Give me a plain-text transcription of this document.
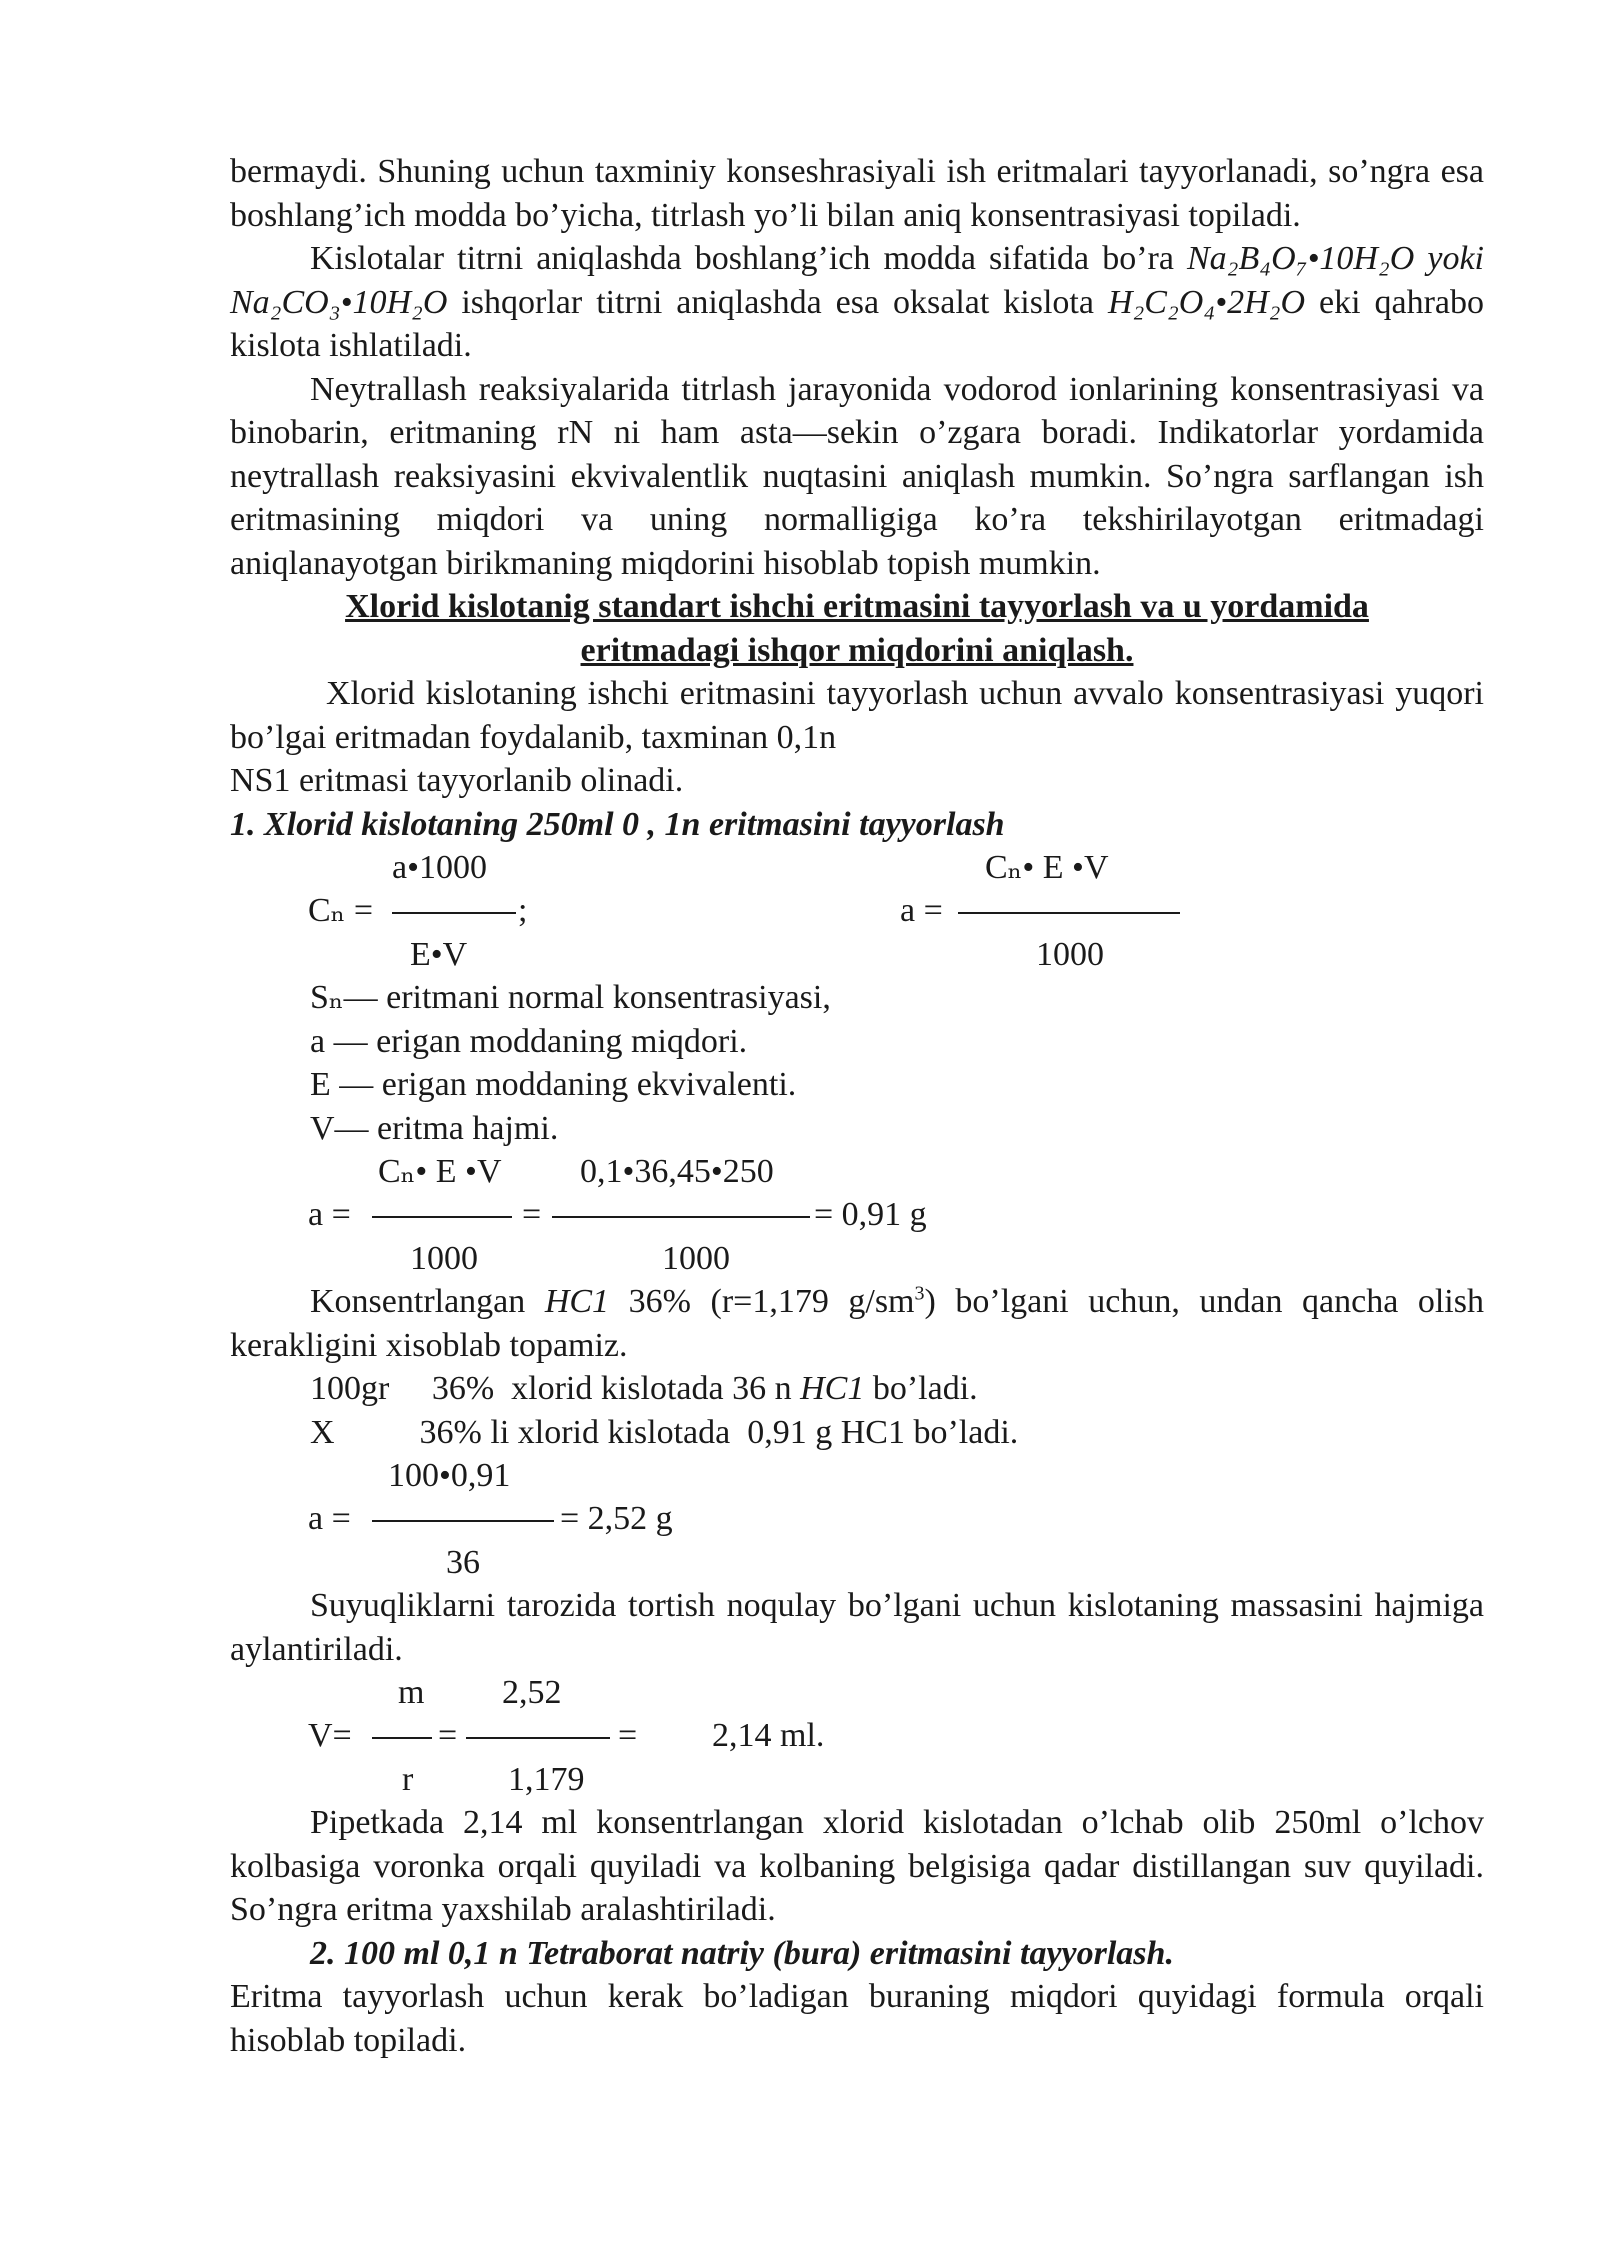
bermaydi. Shuning uchun taxminiy konseshrasiyali ish eritmalari tayyorlanadi, so’ngra esa boshlang’ich modda bo’yicha, titrlash yo’li bilan aniq konsentrasiyasi topiladi.

Kislotalar titrni aniqlashda boshlang’ich modda sifatida bo’ra Na₂B₄O₇•10H₂O yoki Na₂CO₃•10H₂O ishqorlar titrni aniqlashda esa oksalat kislota H₂C₂O₄•2H₂O eki qahrabo kislota ishlatiladi.

Neytrallash reaksiyalarida titrlash jarayonida vodorod ionlarining konsentrasiyasi va binobarin, eritmaning rN ni ham asta—sekin o’zgara boradi. Indikatorlar yordamida neytrallash reaksiyasini ekvivalentlik nuqtasini aniqlash mumkin. So’ngra sarflangan ish eritmasining miqdori va uning normalligiga ko’ra tekshirilayotgan eritmadagi aniqlanayotgan birikmaning miqdorini hisoblab topish mumkin.

Xlorid kislotanig standart ishchi eritmasini tayyorlash va u yordamida

eritmadagi ishqor miqdorini aniqlash.

Xlorid kislotaning ishchi eritmasini tayyorlash uchun avvalo konsentrasiyasi yuqori bo’lgai eritmadan foydalanib, taxminan 0,1n

NS1 eritmasi tayyorlanib olinadi.

1. Xlorid kislotaning 250ml 0 , 1n eritmasini tayyorlash

a•1000
Cₙ =	;
E•V
Cₙ• E •V
a =
1000
Sₙ— eritmani normal konsentrasiyasi,
a — erigan moddaning miqdori.
E — erigan moddaning ekvivalenti.
V— eritma hajmi.
Cₙ• E •V 0,1•36,45•250
a =	=	= 0,91 g
1000	1000

Konsentrlangan HC1 36% (r=1,179 $g/sm^3$) bo’lgani uchun, undan qancha olish kerakligini xisoblab topamiz.

100gr     36%  xlorid kislotada 36 n HC1 bo’ladi.
X          36% li xlorid kislotada  0,91 g HC1 bo’ladi.
100•0,91
a =	= 2,52 g
36

Suyuqliklarni tarozida tortish noqulay bo’lgani uchun kislotaning massasini hajmiga aylantiriladi.

m 2,52
V=	=	= 2,14 ml.
r	1,179

Pipetkada 2,14 ml konsentrlangan xlorid kislotadan o’lchab olib 250ml o’lchov kolbasiga voronka orqali quyiladi va kolbaning belgisiga qadar distillangan suv quyiladi. So’ngra eritma yaxshilab aralashtiriladi.

2. 100 ml 0,1 n Tetraborat natriy (bura) eritmasini tayyorlash.

Eritma tayyorlash uchun kerak bo’ladigan buraning miqdori quyidagi formula orqali hisoblab topiladi.
